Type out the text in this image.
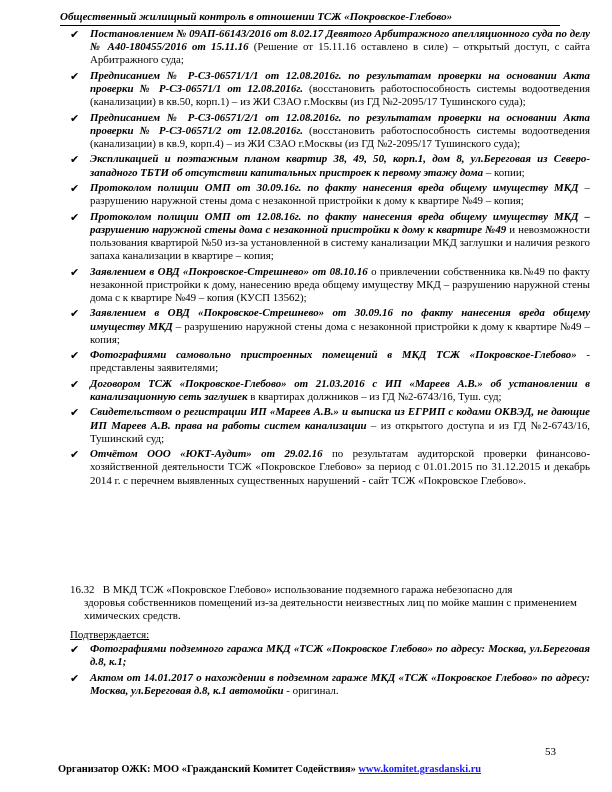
Общественный жилищный контроль в отношении ТСЖ «Покровское-Глебово»
✔ Постановлением № 09АП-66143/2016 от 8.02.17 Девятого Арбитражного апелляционного суда по делу № А40-180455/2016 от 15.11.16 (Решение от 15.11.16 оставлено в силе) – открытый доступ, с сайта Арбитражного суда;
✔ Предписанием № Р-СЗ-06571/1/1 от 12.08.2016г. по результатам проверки на основании Акта проверки № Р-СЗ-06571/1 от 12.08.2016г. (восстановить работоспособность системы водоотведения (канализации) в кв.50, корп.1) – из ЖИ СЗАО г.Москвы (из ГД №2-2095/17 Тушинского суда);
✔ Предписанием № Р-СЗ-06571/2/1 от 12.08.2016г. по результатам проверки на основании Акта проверки № Р-СЗ-06571/2 от 12.08.2016г. (восстановить работоспособность системы водоотведения (канализации) в кв.9, корп.4) – из ЖИ СЗАО г.Москвы (из ГД №2-2095/17 Тушинского суда);
✔ Экспликацией и поэтажным планом квартир 38, 49, 50, корп.1, дом 8, ул.Береговая из Северо-западного ТБТИ об отсутствии капитальных пристроек к первому этажу дома – копии;
✔ Протоколом полиции ОМП от 30.09.16г. по факту нанесения вреда общему имуществу МКД – разрушению наружной стены дома с незаконной пристройки к дому к квартире №49 – копия;
✔ Протоколом полиции ОМП от 12.08.16г. по факту нанесения вреда общему имуществу МКД – разрушению наружной стены дома с незаконной пристройки к дому к квартире №49 и невозможности пользования квартирой №50 из-за установленной в систему канализации МКД заглушки и наличия резкого запаха канализации в квартире – копия;
✔ Заявлением в ОВД «Покровское-Стрешнево» от 08.10.16 о привлечении собственника кв.№49 по факту незаконной пристройки к дому, нанесению вреда общему имуществу МКД – разрушению наружной стены дома с к квартире №49 – копия (КУСП 13562);
✔ Заявлением в ОВД «Покровское-Стрешнево» от 30.09.16 по факту нанесения вреда общему имуществу МКД – разрушению наружной стены дома с незаконной пристройки к дому к квартире №49 – копия;
✔ Фотографиями самовольно пристроенных помещений в МКД ТСЖ «Покровское-Глебово» - представлены заявителями;
✔ Договором ТСЖ «Покровское-Глебово» от 21.03.2016 с ИП «Мареев А.В.» об установлении в канализационную сеть заглушек в квартирах должников – из ГД №2-6743/16, Туш. суд;
✔ Свидетельством о регистрации ИП «Мареев А.В.» и выписка из ЕГРИП с кодами ОКВЭД, не дающие ИП Мареев А.В. права на работы систем канализации – из открытого доступа и из ГД №2-6743/16, Тушинский суд;
✔ Отчётом ООО «ЮКТ-Аудит» от 29.02.16 по результатам аудиторской проверки финансово-хозяйственной деятельности ТСЖ «Покровское Глебово» за период с 01.01.2015 по 31.12.2015 и декабрь 2014 г. с перечнем выявленных существенных нарушений - сайт ТСЖ «Покровское Глебово».
16.32 В МКД ТСЖ «Покровское Глебово» использование подземного гаража небезопасно для
здоровья собственников помещений из-за деятельности неизвестных лиц по мойке машин с применением химических средств.
Подтверждается:
✔ Фотографиями подземного гаража МКД «ТСЖ «Покровское Глебово» по адресу: Москва, ул.Береговая д.8, к.1;
✔ Актом от 14.01.2017 о нахождении в подземном гараже МКД «ТСЖ «Покровское Глебово» по адресу: Москва, ул.Береговая д.8, к.1 автомойки - оригинал.
53
Организатор ОЖК: МОО «Гражданский Комитет Содействия» www.komitet.grasdanski.ru
